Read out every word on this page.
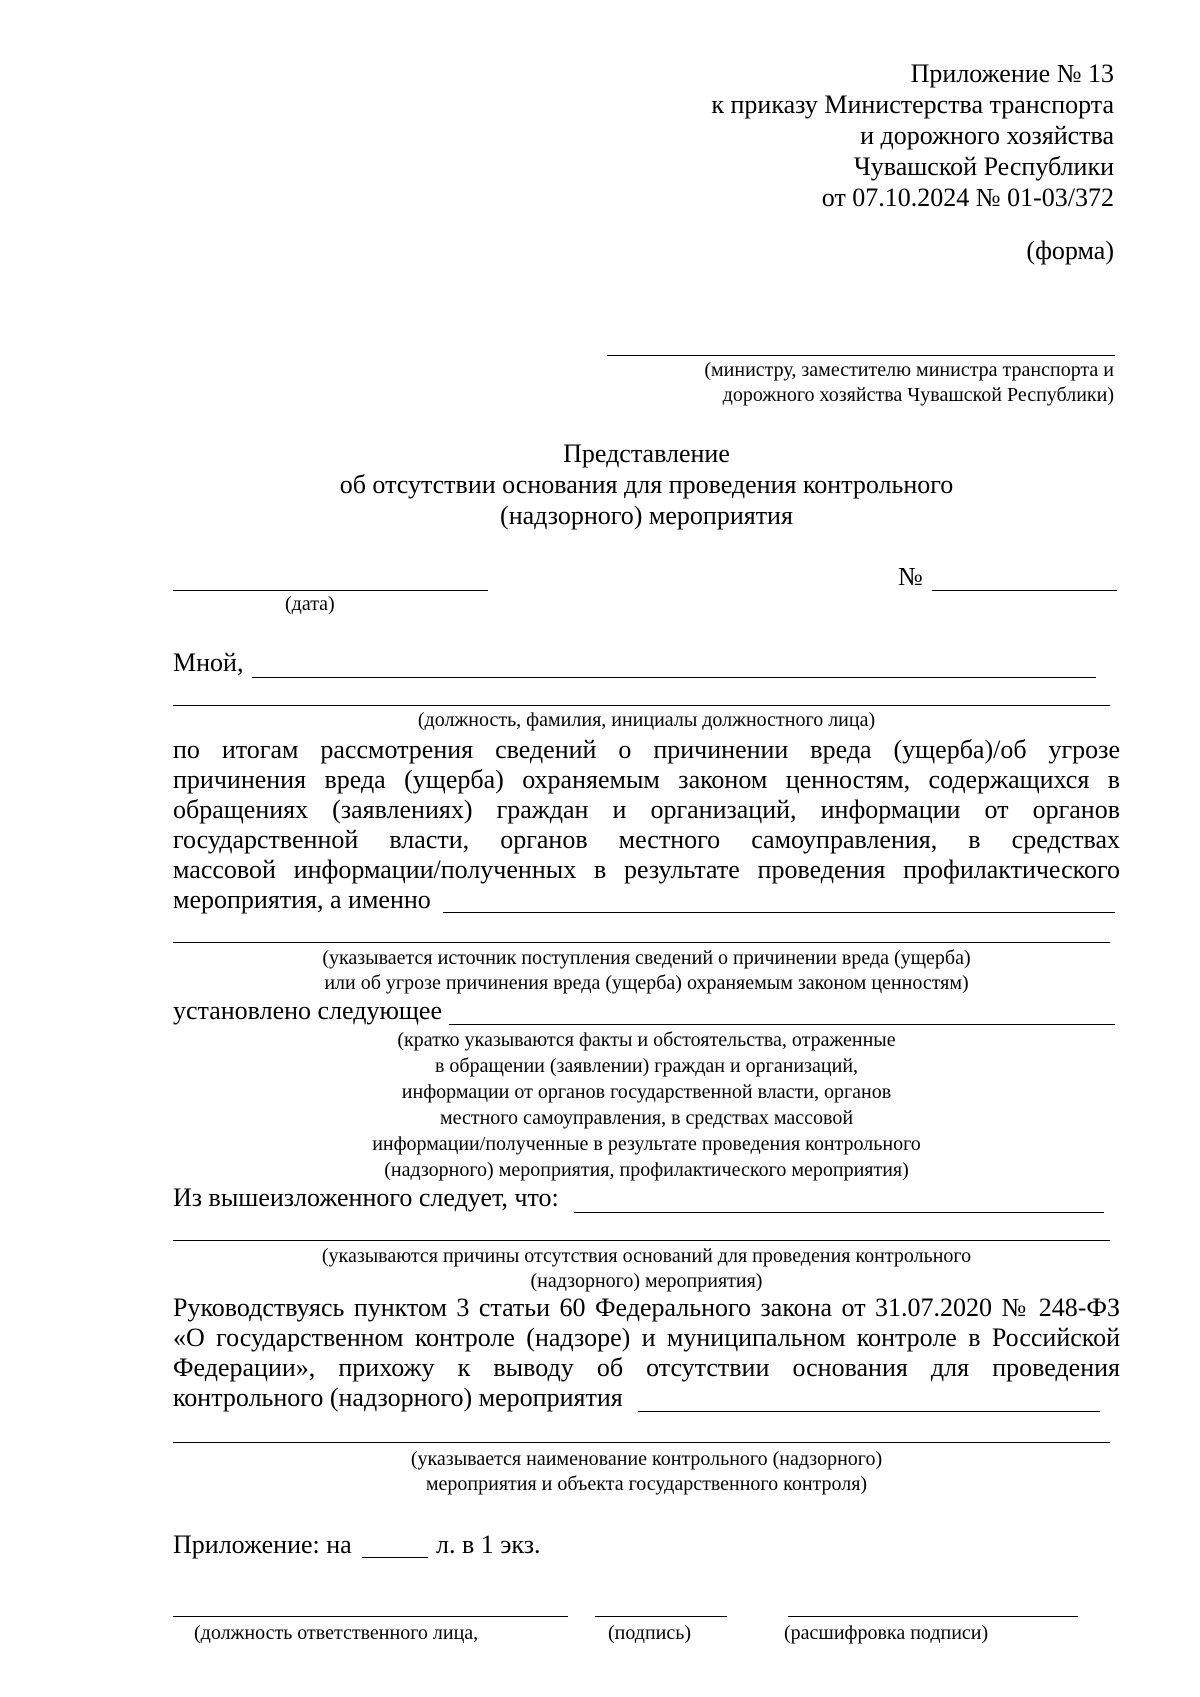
Приложение № 13
к приказу Министерства транспорта
и дорожного хозяйства
Чувашской Республики
от 07.10.2024 № 01-03/372
(форма)
(министру, заместителю министра транспорта и
дорожного хозяйства Чувашской Республики)
Представление
об отсутствии основания для проведения контрольного
(надзорного) мероприятия
(дата)
№
Мной,
(должность, фамилия, инициалы должностного лица)
по итогам рассмотрения сведений о причинении вреда (ущерба)/об угрозе
причинения вреда (ущерба) охраняемым законом ценностям, содержащихся в
обращениях (заявлениях) граждан и организаций, информации от органов
государственной власти, органов местного самоуправления, в средствах
массовой информации/полученных в результате проведения профилактического
мероприятия, а именно
(указывается источник поступления сведений о причинении вреда (ущерба)
или об угрозе причинения вреда (ущерба) охраняемым законом ценностям)
установлено следующее
(кратко указываются факты и обстоятельства, отраженные
в обращении (заявлении) граждан и организаций,
информации от органов государственной власти, органов
местного самоуправления, в средствах массовой
информации/полученные в результате проведения контрольного
(надзорного) мероприятия, профилактического мероприятия)
Из вышеизложенного следует, что:
(указываются причины отсутствия оснований для проведения контрольного
(надзорного) мероприятия)
Руководствуясь пунктом 3 статьи 60 Федерального закона от 31.07.2020 № 248-ФЗ
«О государственном контроле (надзоре) и муниципальном контроле в Российской
Федерации», прихожу к выводу об отсутствии основания для проведения
контрольного (надзорного) мероприятия
(указывается наименование контрольного (надзорного)
мероприятия и объекта государственного контроля)
Приложение: на	л. в 1 экз.
(должность ответственного лица,	(подпись)	(расшифровка подписи)
